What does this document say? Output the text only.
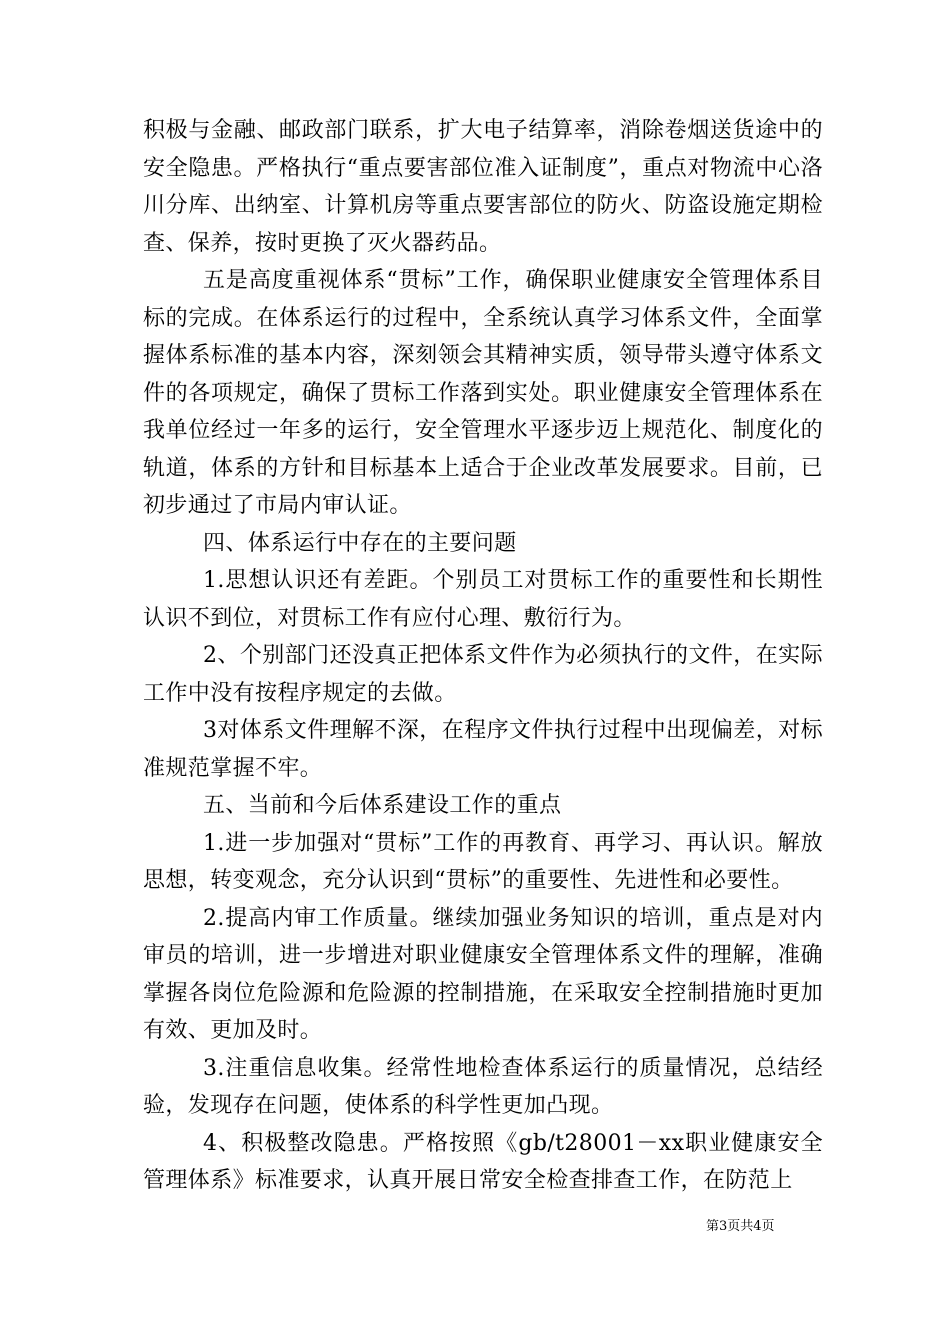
积极与金融、邮政部门联系，扩大电子结算率，消除卷烟送货途中的安全隐患。严格执行“重点要害部位准入证制度”，重点对物流中心洛川分库、出纳室、计算机房等重点要害部位的防火、防盗设施定期检查、保养，按时更换了灭火器药品。

五是高度重视体系“贯标”工作，确保职业健康安全管理体系目标的完成。在体系运行的过程中，全系统认真学习体系文件，全面掌握体系标准的基本内容，深刻领会其精神实质，领导带头遵守体系文件的各项规定，确保了贯标工作落到实处。职业健康安全管理体系在我单位经过一年多的运行，安全管理水平逐步迈上规范化、制度化的轨道，体系的方针和目标基本上适合于企业改革发展要求。目前，已初步通过了市局内审认证。

四、体系运行中存在的主要问题

1.思想认识还有差距。个别员工对贯标工作的重要性和长期性认识不到位，对贯标工作有应付心理、敷衍行为。

2、个别部门还没真正把体系文件作为必须执行的文件，在实际工作中没有按程序规定的去做。

3对体系文件理解不深，在程序文件执行过程中出现偏差，对标准规范掌握不牢。

五、当前和今后体系建设工作的重点

1.进一步加强对“贯标”工作的再教育、再学习、再认识。解放思想，转变观念，充分认识到“贯标”的重要性、先进性和必要性。

2.提高内审工作质量。继续加强业务知识的培训，重点是对内审员的培训，进一步增进对职业健康安全管理体系文件的理解，准确掌握各岗位危险源和危险源的控制措施，在采取安全控制措施时更加有效、更加及时。

3.注重信息收集。经常性地检查体系运行的质量情况，总结经验，发现存在问题，使体系的科学性更加凸现。

4、积极整改隐患。严格按照《gb/t28001－xx职业健康安全管理体系》标准要求，认真开展日常安全检查排查工作，在防范上

第3页共4页
